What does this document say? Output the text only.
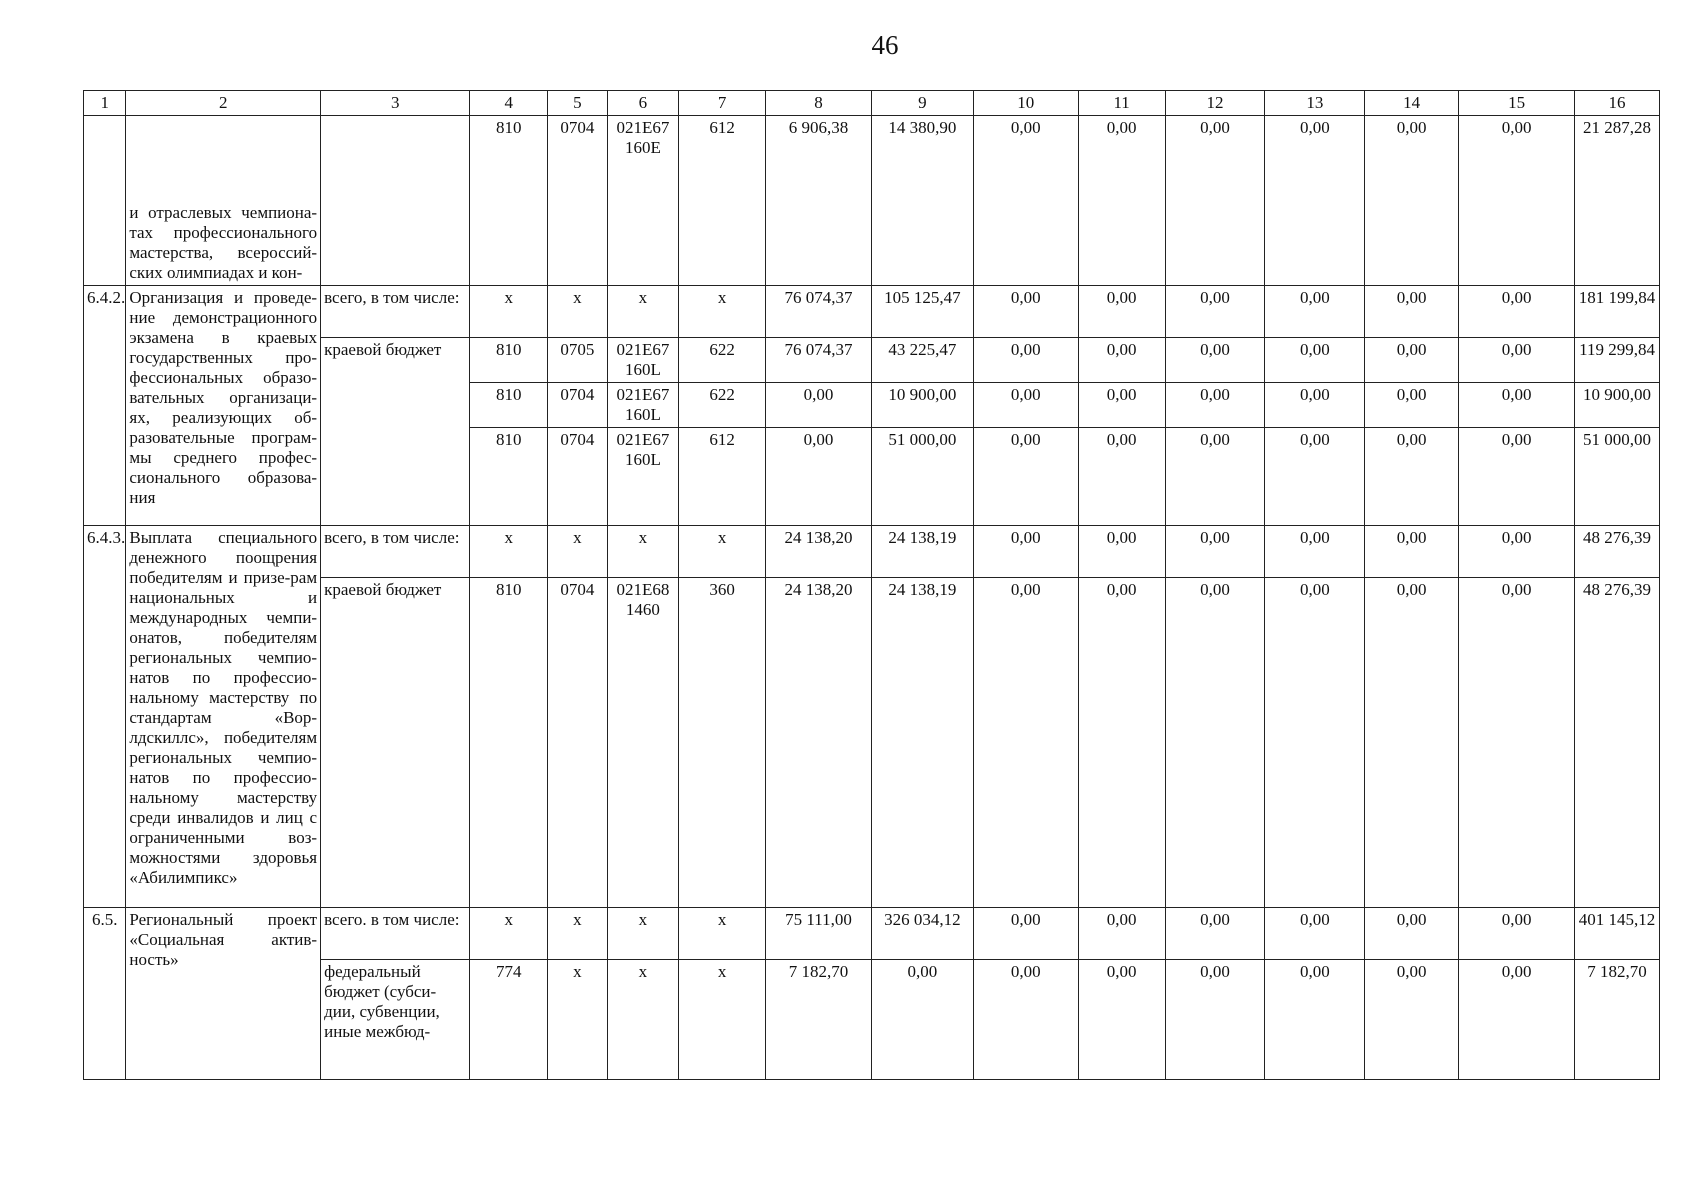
46
1	2	3	4	5	6	7	8	9	10	11	12	13	14	15	16
	и отраслевых чемпиона-тах профессионального мастерства, всероссий-ских олимпиадах и кон-		810	0704	021E67 160E	612	6 906,38	14 380,90	0,00	0,00	0,00	0,00	0,00	0,00	21 287,28
6.4.2.	Организация и проведе-ние демонстрационного экзамена в краевых государственных про-фессиональных образо-вательных организаци-ях, реализующих об-разовательные програм-мы среднего профес-сионального образова-ния	всего, в том числе:	x	x	x	x	76 074,37	105 125,47	0,00	0,00	0,00	0,00	0,00	0,00	181 199,84
		краевой бюджет	810	0705	021E67 160L	622	76 074,37	43 225,47	0,00	0,00	0,00	0,00	0,00	0,00	119 299,84
			810	0704	021E67 160L	622	0,00	10 900,00	0,00	0,00	0,00	0,00	0,00	0,00	10 900,00
			810	0704	021E67 160L	612	0,00	51 000,00	0,00	0,00	0,00	0,00	0,00	0,00	51 000,00
6.4.3.	Выплата специального денежного поощрения победителям и призе-рам национальных и международных чемпи-онатов, победителям региональных чемпио-натов по профессио-нальному мастерству по стандартам «Вор-лдскиллс», победителям региональных чемпио-натов по профессио-нальному мастерству среди инвалидов и лиц с ограниченными воз-можностями здоровья «Абилимпикс»	всего, в том числе:	x	x	x	x	24 138,20	24 138,19	0,00	0,00	0,00	0,00	0,00	0,00	48 276,39
		краевой бюджет	810	0704	021E68 1460	360	24 138,20	24 138,19	0,00	0,00	0,00	0,00	0,00	0,00	48 276,39
6.5.	Региональный проект «Социальная актив-ность»	всего. в том числе:	x	x	x	x	75 111,00	326 034,12	0,00	0,00	0,00	0,00	0,00	0,00	401 145,12
		федеральный бюджет (субси-дии, субвенции, иные межбюд-	774	x	x	x	7 182,70	0,00	0,00	0,00	0,00	0,00	0,00	0,00	7 182,70
